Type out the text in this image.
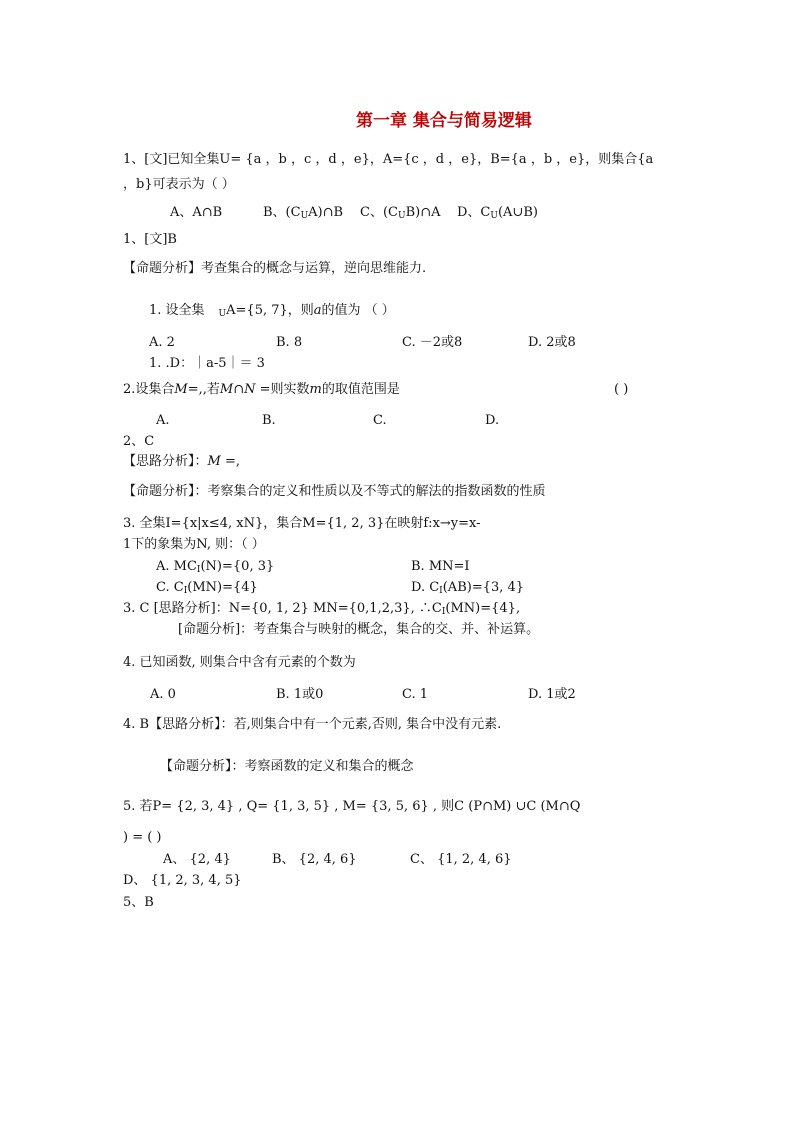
第一章 集合与简易逻辑
1、[文]已知全集U= {a ，b ，c ，d ，e}，A={c ，d ，e}，B={a ，b ，e}，则集合{a
，b}可表示为（ ）
A、A∩B	B、$(C_UA)\cap B$ C、$(C_UB)\cap A$ D、$C_U(A\cup B)$
1、[文]B
【命题分析】考查集合的概念与运算，逆向思维能力.
1. 设全集 $_U$A={5, 7}，则a的值为 （ ）
A. 2	B. 8	C. －2或8	D. 2或8
1. .D：｜a-5｜＝ 3
2.设集合M=,,若M∩N =则实数m的取值范围是	( )
A.	B.	C.	D.
2、C
【思路分析】：M =,
【命题分析】：考察集合的定义和性质以及不等式的解法的指数函数的性质
3. 全集I={x|x≤4, xN}，集合M={1, 2, 3}在映射f:x→y=x-
1下的象集为N, 则：（ ）
A. $MC_I(N)=\{0$, 3}	B. MN=I
C. $C_I(MN)=\{4\}$	D. $C_I(AB)=\{3$, 4}
3. C [思路分析]：N={0, 1, 2} MN={0,1,2,3}, $\therefore C_I(MN)=\{4\}$,
[命题分析]：考查集合与映射的概念，集合的交、并、补运算。
4. 已知函数, 则集合中含有元素的个数为
A. 0	B. 1或0	C. 1	D. 1或2
4. B【思路分析】：若,则集合中有一个元素,否则, 集合中没有元素.
【命题分析】：考察函数的定义和集合的概念
5. 若P= {2, 3, 4} , Q= {1, 3, 5} , M= {3, 5, 6} , 则C (P∩M) ∪C (M∩Q
) = ( )
A、 {2, 4}	B、 {2, 4, 6}	C、 {1, 2, 4, 6}
D、 {1, 2, 3, 4, 5}
5、B
